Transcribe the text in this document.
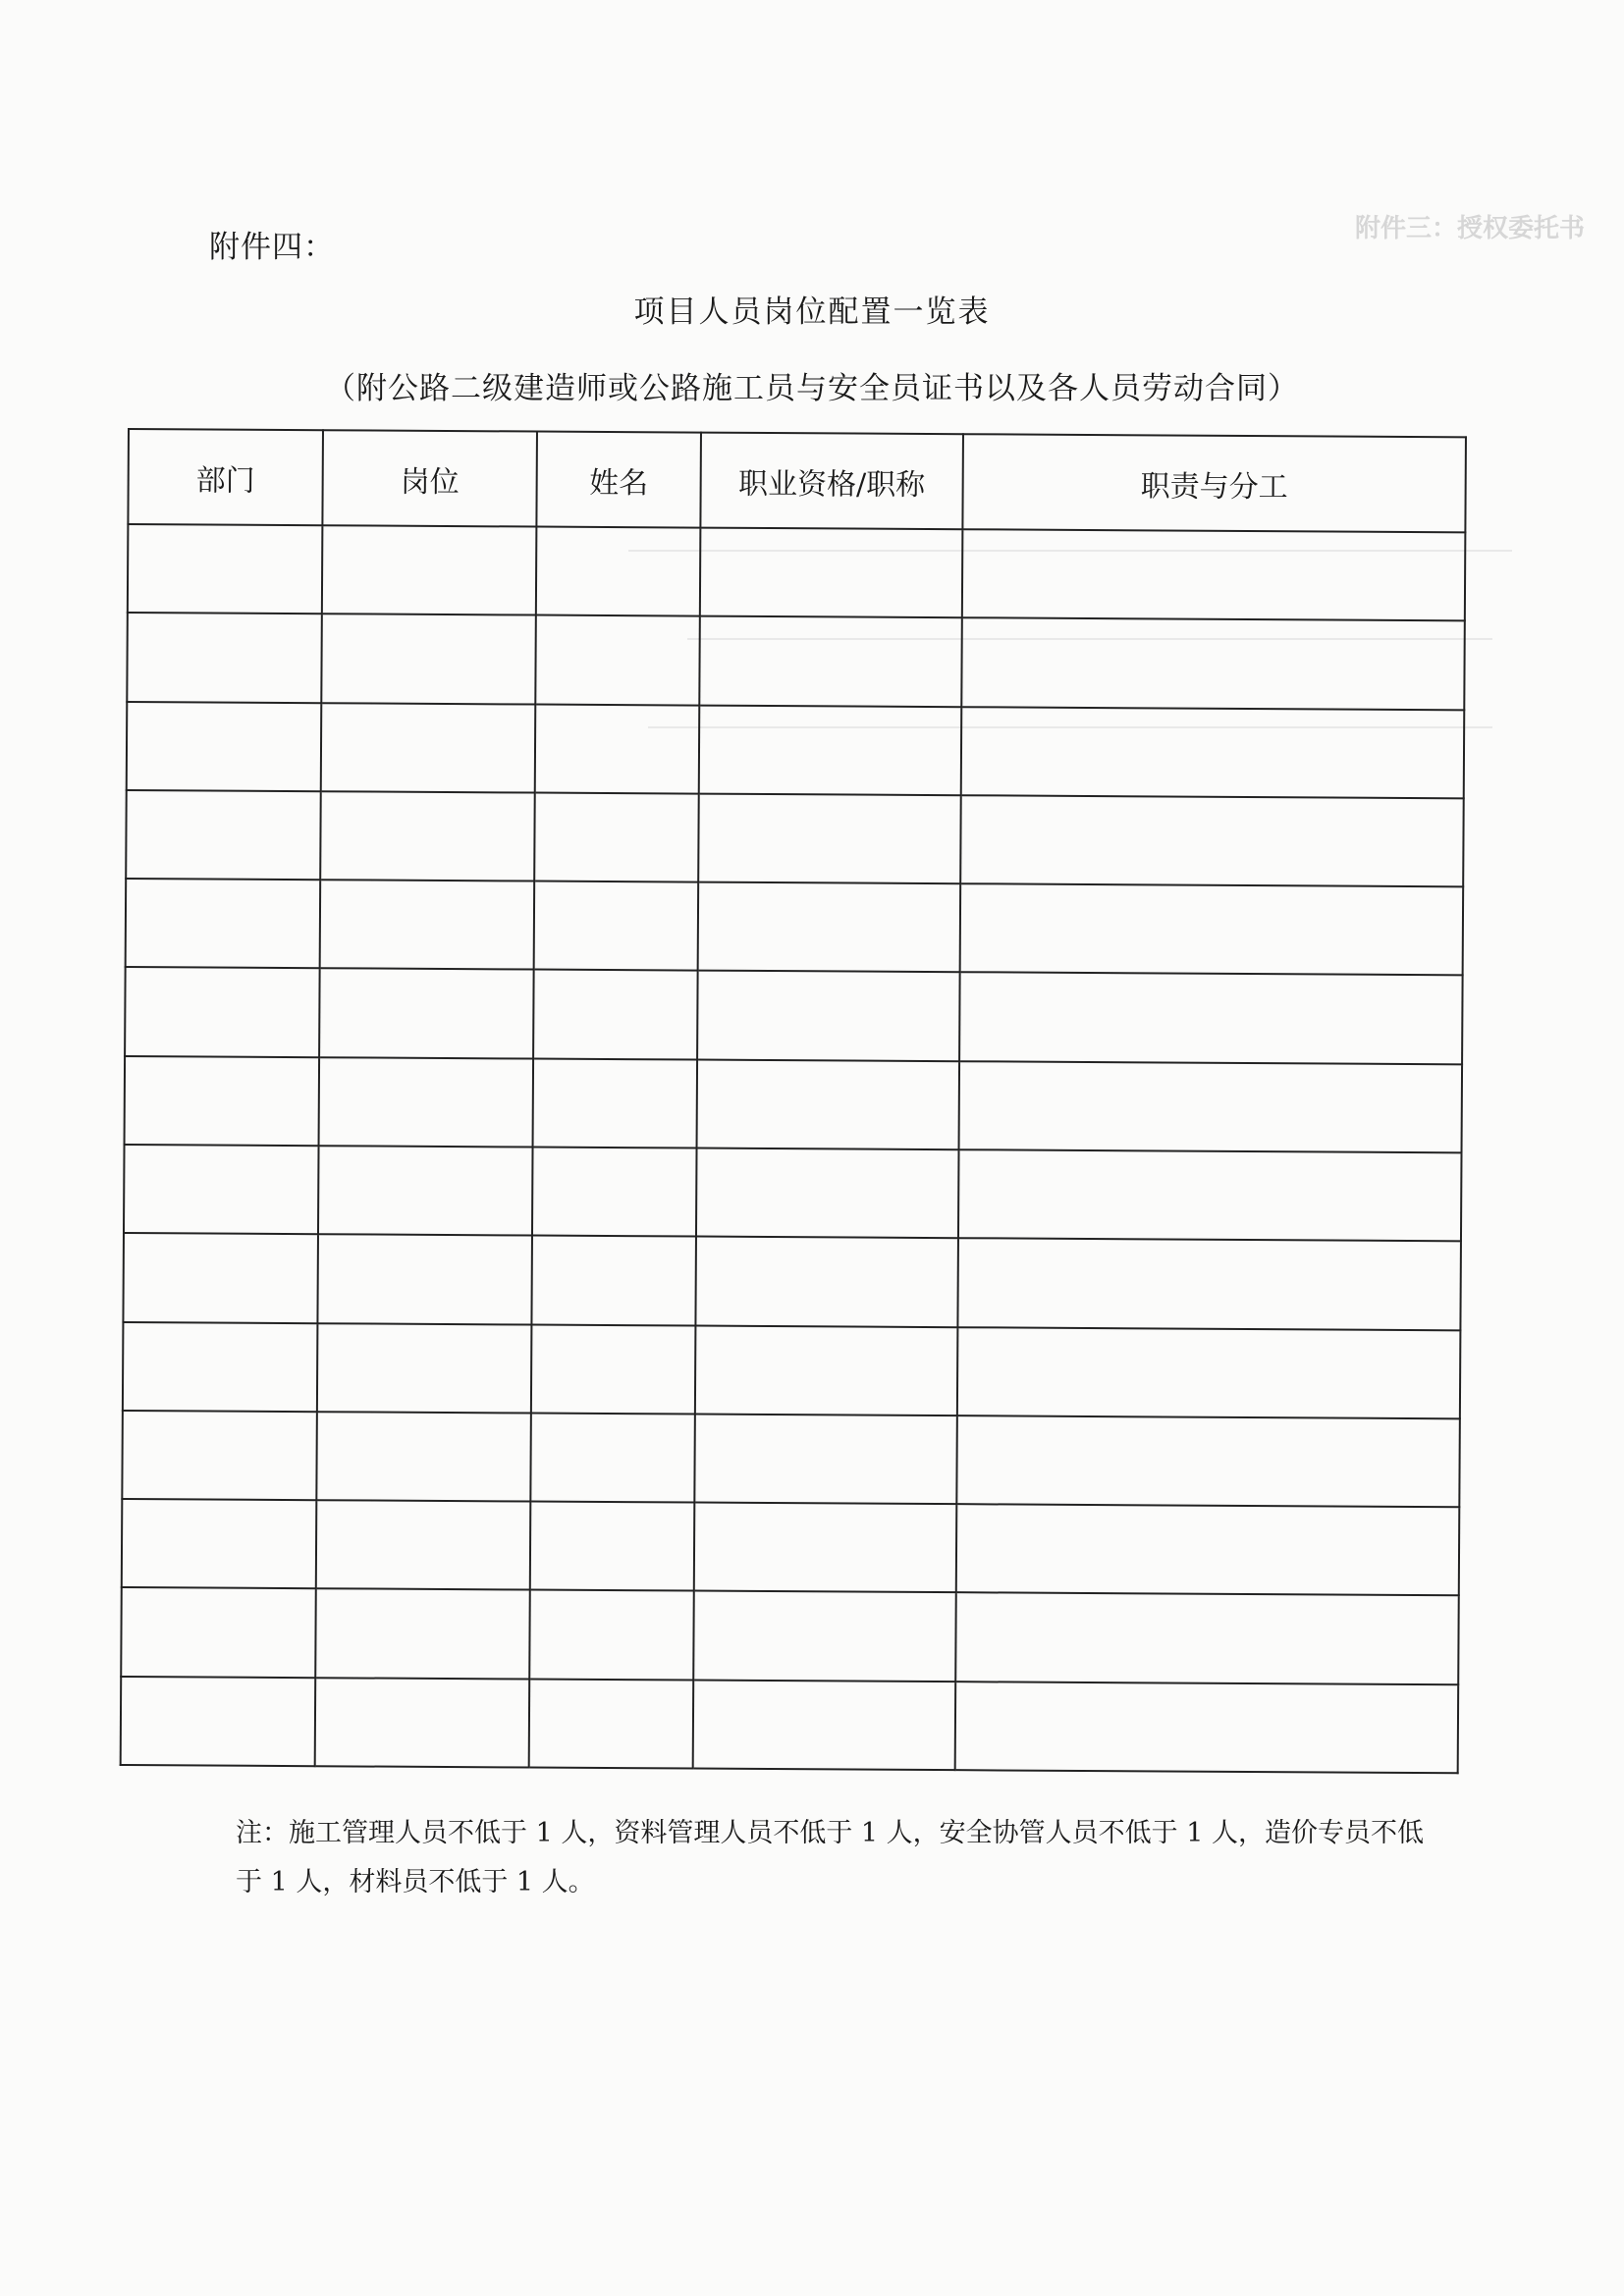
附件三：授权委托书
附件四：
项目人员岗位配置一览表
（附公路二级建造师或公路施工员与安全员证书以及各人员劳动合同）
部门	岗位	姓名	职业资格/职称	职责与分工

注：施工管理人员不低于 1 人，资料管理人员不低于 1 人，安全协管人员不低于 1 人，造价专员不低于 1 人，材料员不低于 1 人。
